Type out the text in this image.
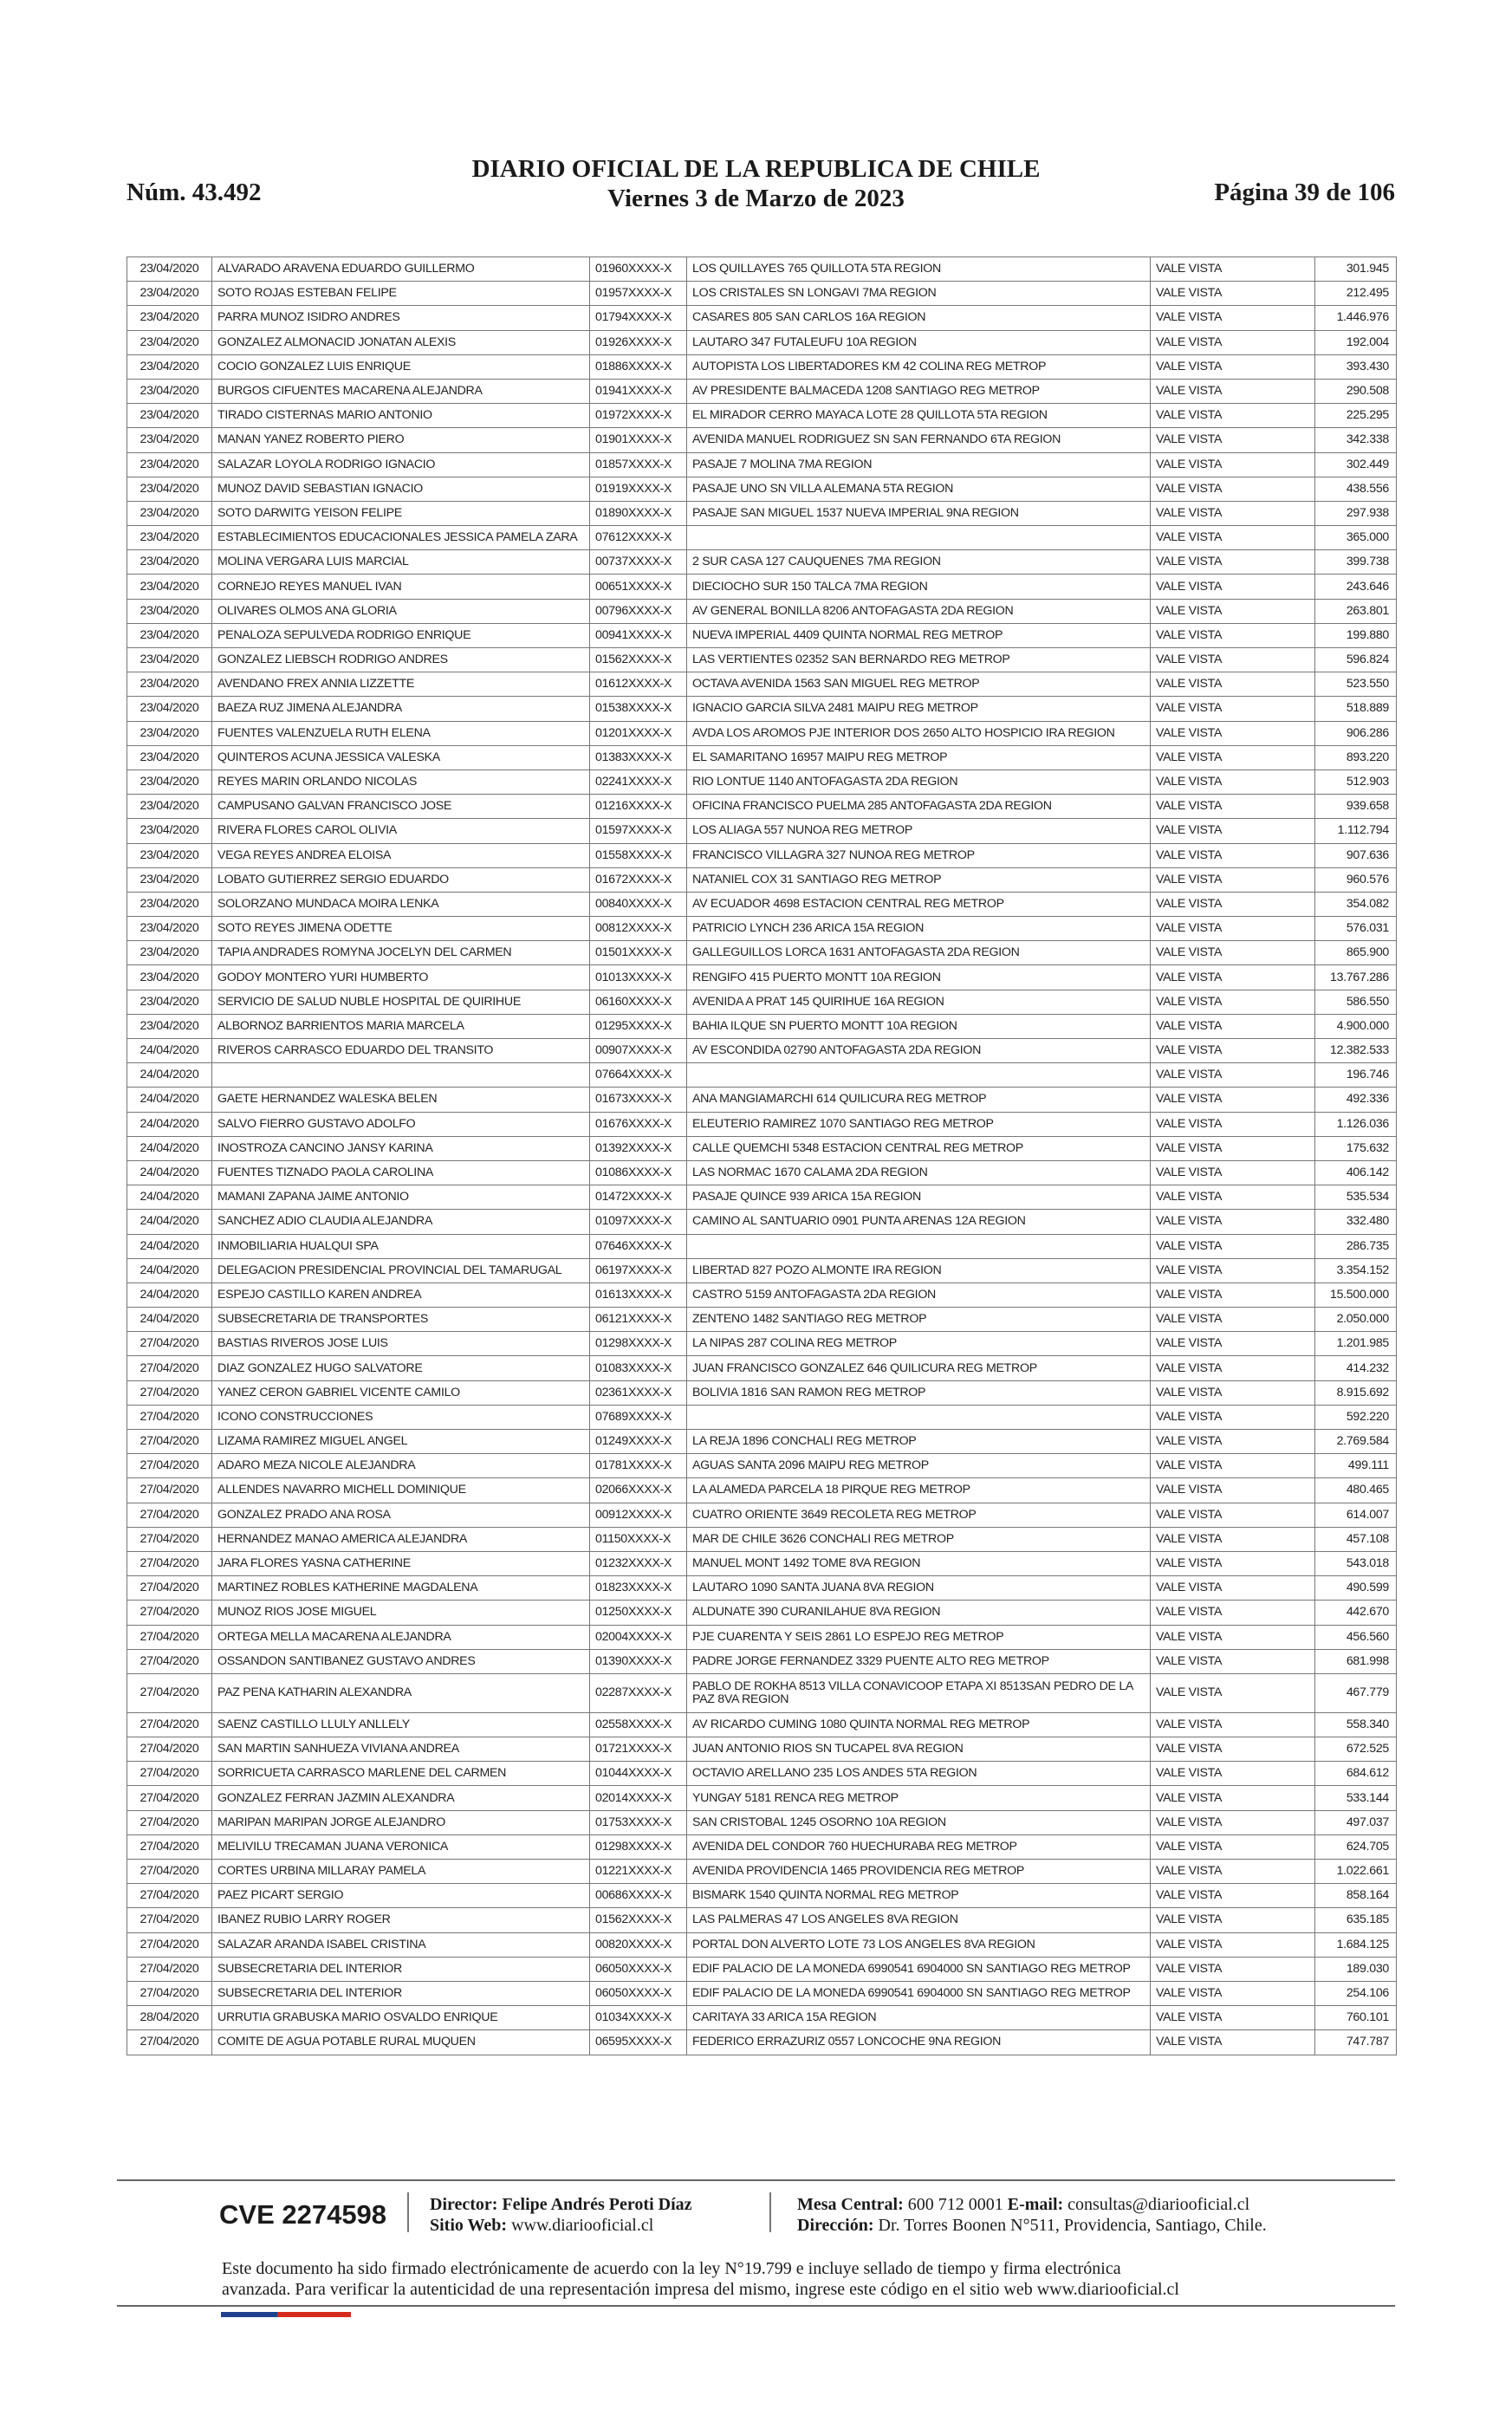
Núm. 43.492
DIARIO OFICIAL DE LA REPUBLICA DE CHILE
Viernes 3 de Marzo de 2023	Página 39 de 106
23/04/2020	ALVARADO ARAVENA EDUARDO GUILLERMO	01960XXXX-X	LOS QUILLAYES 765 QUILLOTA 5TA REGION	VALE VISTA	301.945
23/04/2020	SOTO ROJAS ESTEBAN FELIPE	01957XXXX-X	LOS CRISTALES SN LONGAVI 7MA REGION	VALE VISTA	212.495
23/04/2020	PARRA MUNOZ ISIDRO ANDRES	01794XXXX-X	CASARES 805 SAN CARLOS 16A REGION	VALE VISTA	1.446.976
23/04/2020	GONZALEZ ALMONACID JONATAN ALEXIS	01926XXXX-X	LAUTARO 347 FUTALEUFU 10A REGION	VALE VISTA	192.004
23/04/2020	COCIO GONZALEZ LUIS ENRIQUE	01886XXXX-X	AUTOPISTA LOS LIBERTADORES KM 42 COLINA REG METROP	VALE VISTA	393.430
23/04/2020	BURGOS CIFUENTES MACARENA ALEJANDRA	01941XXXX-X	AV PRESIDENTE BALMACEDA 1208 SANTIAGO REG METROP	VALE VISTA	290.508
23/04/2020	TIRADO CISTERNAS MARIO ANTONIO	01972XXXX-X	EL MIRADOR CERRO MAYACA LOTE 28 QUILLOTA 5TA REGION	VALE VISTA	225.295
23/04/2020	MANAN YANEZ ROBERTO PIERO	01901XXXX-X	AVENIDA MANUEL RODRIGUEZ SN SAN FERNANDO 6TA REGION	VALE VISTA	342.338
23/04/2020	SALAZAR LOYOLA RODRIGO IGNACIO	01857XXXX-X	PASAJE 7 MOLINA 7MA REGION	VALE VISTA	302.449
23/04/2020	MUNOZ DAVID SEBASTIAN IGNACIO	01919XXXX-X	PASAJE UNO SN VILLA ALEMANA 5TA REGION	VALE VISTA	438.556
23/04/2020	SOTO DARWITG YEISON FELIPE	01890XXXX-X	PASAJE SAN MIGUEL 1537 NUEVA IMPERIAL 9NA REGION	VALE VISTA	297.938
23/04/2020	ESTABLECIMIENTOS EDUCACIONALES JESSICA PAMELA ZARA	07612XXXX-X		VALE VISTA	365.000
23/04/2020	MOLINA VERGARA LUIS MARCIAL	00737XXXX-X	2 SUR CASA 127 CAUQUENES 7MA REGION	VALE VISTA	399.738
23/04/2020	CORNEJO REYES MANUEL IVAN	00651XXXX-X	DIECIOCHO SUR 150 TALCA 7MA REGION	VALE VISTA	243.646
23/04/2020	OLIVARES OLMOS ANA GLORIA	00796XXXX-X	AV GENERAL BONILLA 8206 ANTOFAGASTA 2DA REGION	VALE VISTA	263.801
23/04/2020	PENALOZA SEPULVEDA RODRIGO ENRIQUE	00941XXXX-X	NUEVA IMPERIAL 4409 QUINTA NORMAL REG METROP	VALE VISTA	199.880
23/04/2020	GONZALEZ LIEBSCH RODRIGO ANDRES	01562XXXX-X	LAS VERTIENTES 02352 SAN BERNARDO REG METROP	VALE VISTA	596.824
23/04/2020	AVENDANO FREX ANNIA LIZZETTE	01612XXXX-X	OCTAVA AVENIDA 1563 SAN MIGUEL REG METROP	VALE VISTA	523.550
23/04/2020	BAEZA RUZ JIMENA ALEJANDRA	01538XXXX-X	IGNACIO GARCIA SILVA 2481 MAIPU REG METROP	VALE VISTA	518.889
23/04/2020	FUENTES VALENZUELA RUTH ELENA	01201XXXX-X	AVDA LOS AROMOS PJE INTERIOR DOS 2650 ALTO HOSPICIO IRA REGION	VALE VISTA	906.286
23/04/2020	QUINTEROS ACUNA JESSICA VALESKA	01383XXXX-X	EL SAMARITANO 16957 MAIPU REG METROP	VALE VISTA	893.220
23/04/2020	REYES MARIN ORLANDO NICOLAS	02241XXXX-X	RIO LONTUE 1140 ANTOFAGASTA 2DA REGION	VALE VISTA	512.903
23/04/2020	CAMPUSANO GALVAN FRANCISCO JOSE	01216XXXX-X	OFICINA FRANCISCO PUELMA 285 ANTOFAGASTA 2DA REGION	VALE VISTA	939.658
23/04/2020	RIVERA FLORES CAROL OLIVIA	01597XXXX-X	LOS ALIAGA 557 NUNOA REG METROP	VALE VISTA	1.112.794
23/04/2020	VEGA REYES ANDREA ELOISA	01558XXXX-X	FRANCISCO VILLAGRA 327 NUNOA REG METROP	VALE VISTA	907.636
23/04/2020	LOBATO GUTIERREZ SERGIO EDUARDO	01672XXXX-X	NATANIEL COX 31 SANTIAGO REG METROP	VALE VISTA	960.576
23/04/2020	SOLORZANO MUNDACA MOIRA LENKA	00840XXXX-X	AV ECUADOR 4698 ESTACION CENTRAL REG METROP	VALE VISTA	354.082
23/04/2020	SOTO REYES JIMENA ODETTE	00812XXXX-X	PATRICIO LYNCH 236 ARICA 15A REGION	VALE VISTA	576.031
23/04/2020	TAPIA ANDRADES ROMYNA JOCELYN DEL CARMEN	01501XXXX-X	GALLEGUILLOS LORCA 1631 ANTOFAGASTA 2DA REGION	VALE VISTA	865.900
23/04/2020	GODOY MONTERO YURI HUMBERTO	01013XXXX-X	RENGIFO 415 PUERTO MONTT 10A REGION	VALE VISTA	13.767.286
23/04/2020	SERVICIO DE SALUD NUBLE HOSPITAL DE QUIRIHUE	06160XXXX-X	AVENIDA A PRAT 145 QUIRIHUE 16A REGION	VALE VISTA	586.550
23/04/2020	ALBORNOZ BARRIENTOS MARIA MARCELA	01295XXXX-X	BAHIA ILQUE SN PUERTO MONTT 10A REGION	VALE VISTA	4.900.000
24/04/2020	RIVEROS CARRASCO EDUARDO DEL TRANSITO	00907XXXX-X	AV ESCONDIDA 02790 ANTOFAGASTA 2DA REGION	VALE VISTA	12.382.533
24/04/2020		07664XXXX-X		VALE VISTA	196.746
24/04/2020	GAETE HERNANDEZ WALESKA BELEN	01673XXXX-X	ANA MANGIAMARCHI 614 QUILICURA REG METROP	VALE VISTA	492.336
24/04/2020	SALVO FIERRO GUSTAVO ADOLFO	01676XXXX-X	ELEUTERIO RAMIREZ 1070 SANTIAGO REG METROP	VALE VISTA	1.126.036
24/04/2020	INOSTROZA CANCINO JANSY KARINA	01392XXXX-X	CALLE QUEMCHI 5348 ESTACION CENTRAL REG METROP	VALE VISTA	175.632
24/04/2020	FUENTES TIZNADO PAOLA CAROLINA	01086XXXX-X	LAS NORMAC 1670 CALAMA 2DA REGION	VALE VISTA	406.142
24/04/2020	MAMANI ZAPANA JAIME ANTONIO	01472XXXX-X	PASAJE QUINCE 939 ARICA 15A REGION	VALE VISTA	535.534
24/04/2020	SANCHEZ ADIO CLAUDIA ALEJANDRA	01097XXXX-X	CAMINO AL SANTUARIO 0901 PUNTA ARENAS 12A REGION	VALE VISTA	332.480
24/04/2020	INMOBILIARIA HUALQUI SPA	07646XXXX-X		VALE VISTA	286.735
24/04/2020	DELEGACION PRESIDENCIAL PROVINCIAL DEL TAMARUGAL	06197XXXX-X	LIBERTAD 827 POZO ALMONTE IRA REGION	VALE VISTA	3.354.152
24/04/2020	ESPEJO CASTILLO KAREN ANDREA	01613XXXX-X	CASTRO 5159 ANTOFAGASTA 2DA REGION	VALE VISTA	15.500.000
24/04/2020	SUBSECRETARIA DE TRANSPORTES	06121XXXX-X	ZENTENO 1482 SANTIAGO REG METROP	VALE VISTA	2.050.000
27/04/2020	BASTIAS RIVEROS JOSE LUIS	01298XXXX-X	LA NIPAS 287 COLINA REG METROP	VALE VISTA	1.201.985
27/04/2020	DIAZ GONZALEZ HUGO SALVATORE	01083XXXX-X	JUAN FRANCISCO GONZALEZ 646 QUILICURA REG METROP	VALE VISTA	414.232
27/04/2020	YANEZ CERON GABRIEL VICENTE CAMILO	02361XXXX-X	BOLIVIA 1816 SAN RAMON REG METROP	VALE VISTA	8.915.692
27/04/2020	ICONO CONSTRUCCIONES	07689XXXX-X		VALE VISTA	592.220
27/04/2020	LIZAMA RAMIREZ MIGUEL ANGEL	01249XXXX-X	LA REJA 1896 CONCHALI REG METROP	VALE VISTA	2.769.584
27/04/2020	ADARO MEZA NICOLE ALEJANDRA	01781XXXX-X	AGUAS SANTA 2096 MAIPU REG METROP	VALE VISTA	499.111
27/04/2020	ALLENDES NAVARRO MICHELL DOMINIQUE	02066XXXX-X	LA ALAMEDA PARCELA 18 PIRQUE REG METROP	VALE VISTA	480.465
27/04/2020	GONZALEZ PRADO ANA ROSA	00912XXXX-X	CUATRO ORIENTE 3649 RECOLETA REG METROP	VALE VISTA	614.007
27/04/2020	HERNANDEZ MANAO AMERICA ALEJANDRA	01150XXXX-X	MAR DE CHILE 3626 CONCHALI REG METROP	VALE VISTA	457.108
27/04/2020	JARA FLORES YASNA CATHERINE	01232XXXX-X	MANUEL MONT 1492 TOME 8VA REGION	VALE VISTA	543.018
27/04/2020	MARTINEZ ROBLES KATHERINE MAGDALENA	01823XXXX-X	LAUTARO 1090 SANTA JUANA 8VA REGION	VALE VISTA	490.599
27/04/2020	MUNOZ RIOS JOSE MIGUEL	01250XXXX-X	ALDUNATE 390 CURANILAHUE 8VA REGION	VALE VISTA	442.670
27/04/2020	ORTEGA MELLA MACARENA ALEJANDRA	02004XXXX-X	PJE CUARENTA Y SEIS 2861 LO ESPEJO REG METROP	VALE VISTA	456.560
27/04/2020	OSSANDON SANTIBANEZ GUSTAVO ANDRES	01390XXXX-X	PADRE JORGE FERNANDEZ 3329 PUENTE ALTO REG METROP	VALE VISTA	681.998
27/04/2020	PAZ PENA KATHARIN ALEXANDRA	02287XXXX-X	PABLO DE ROKHA 8513 VILLA CONAVICOOP ETAPA XI 8513SAN PEDRO DE LA PAZ 8VA REGION	VALE VISTA	467.779
27/04/2020	SAENZ CASTILLO LLULY ANLLELY	02558XXXX-X	AV RICARDO CUMING 1080 QUINTA NORMAL REG METROP	VALE VISTA	558.340
27/04/2020	SAN MARTIN SANHUEZA VIVIANA ANDREA	01721XXXX-X	JUAN ANTONIO RIOS SN TUCAPEL 8VA REGION	VALE VISTA	672.525
27/04/2020	SORRICUETA CARRASCO MARLENE DEL CARMEN	01044XXXX-X	OCTAVIO ARELLANO 235 LOS ANDES 5TA REGION	VALE VISTA	684.612
27/04/2020	GONZALEZ FERRAN JAZMIN ALEXANDRA	02014XXXX-X	YUNGAY 5181 RENCA REG METROP	VALE VISTA	533.144
27/04/2020	MARIPAN MARIPAN JORGE ALEJANDRO	01753XXXX-X	SAN CRISTOBAL 1245 OSORNO 10A REGION	VALE VISTA	497.037
27/04/2020	MELIVILU TRECAMAN JUANA VERONICA	01298XXXX-X	AVENIDA DEL CONDOR 760 HUECHURABA REG METROP	VALE VISTA	624.705
27/04/2020	CORTES URBINA MILLARAY PAMELA	01221XXXX-X	AVENIDA PROVIDENCIA 1465 PROVIDENCIA REG METROP	VALE VISTA	1.022.661
27/04/2020	PAEZ PICART SERGIO	00686XXXX-X	BISMARK 1540 QUINTA NORMAL REG METROP	VALE VISTA	858.164
27/04/2020	IBANEZ RUBIO LARRY ROGER	01562XXXX-X	LAS PALMERAS 47 LOS ANGELES 8VA REGION	VALE VISTA	635.185
27/04/2020	SALAZAR ARANDA ISABEL CRISTINA	00820XXXX-X	PORTAL DON ALVERTO LOTE 73 LOS ANGELES 8VA REGION	VALE VISTA	1.684.125
27/04/2020	SUBSECRETARIA DEL INTERIOR	06050XXXX-X	EDIF PALACIO DE LA MONEDA 6990541 6904000 SN SANTIAGO REG METROP	VALE VISTA	189.030
27/04/2020	SUBSECRETARIA DEL INTERIOR	06050XXXX-X	EDIF PALACIO DE LA MONEDA 6990541 6904000 SN SANTIAGO REG METROP	VALE VISTA	254.106
28/04/2020	URRUTIA GRABUSKA MARIO OSVALDO ENRIQUE	01034XXXX-X	CARITAYA 33 ARICA 15A REGION	VALE VISTA	760.101
27/04/2020	COMITE DE AGUA POTABLE RURAL MUQUEN	06595XXXX-X	FEDERICO ERRAZURIZ 0557 LONCOCHE 9NA REGION	VALE VISTA	747.787
CVE 2274598 Director: Felipe Andrés Peroti Díaz
Sitio Web: www.diariooficial.cl
Mesa Central: 600 712 0001 E-mail: consultas@diariooficial.cl
Dirección: Dr. Torres Boonen N°511, Providencia, Santiago, Chile.
Este documento ha sido firmado electrónicamente de acuerdo con la ley N°19.799 e incluye sellado de tiempo y firma electrónica
avanzada. Para verificar la autenticidad de una representación impresa del mismo, ingrese este código en el sitio web www.diariooficial.cl
